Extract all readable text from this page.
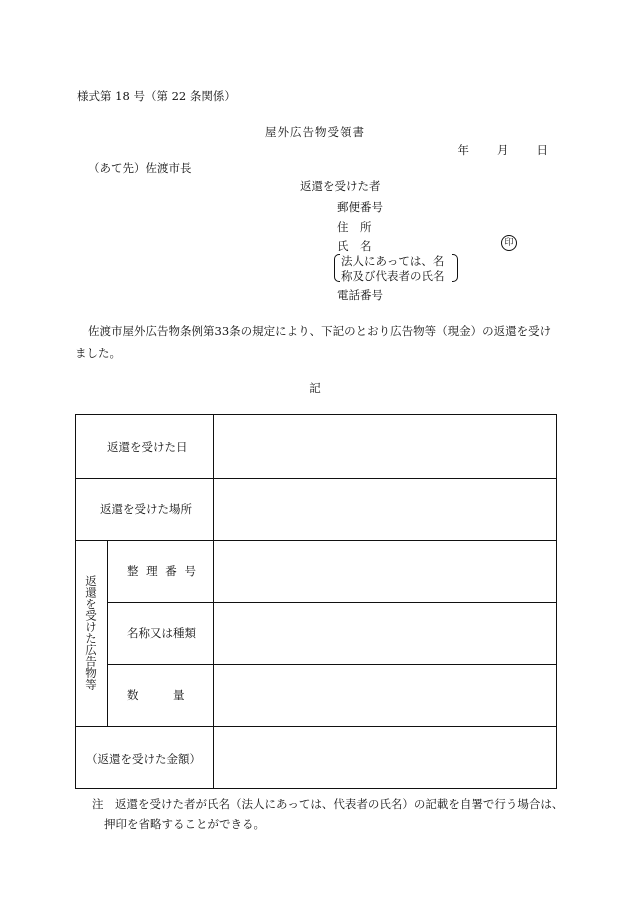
様式第 18 号（第 22 条関係）
屋外広告物受領書
年 月 日
（あて先）佐渡市長
返還を受けた者
郵便番号
住　所
氏　名	印
法人にあっては、名
称及び代表者の氏名
電話番号
佐渡市屋外広告物条例第33条の規定により、下記のとおり広告物等（現金）の返還を受けました。
記
返還を受けた日
返還を受けた場所
返還を受けた広告物等
整 理 番 号
名称又は種類
数　　　量
（返還を受けた金額）
注　返還を受けた者が氏名（法人にあっては、代表者の氏名）の記載を自署で行う場合は、
押印を省略することができる。
